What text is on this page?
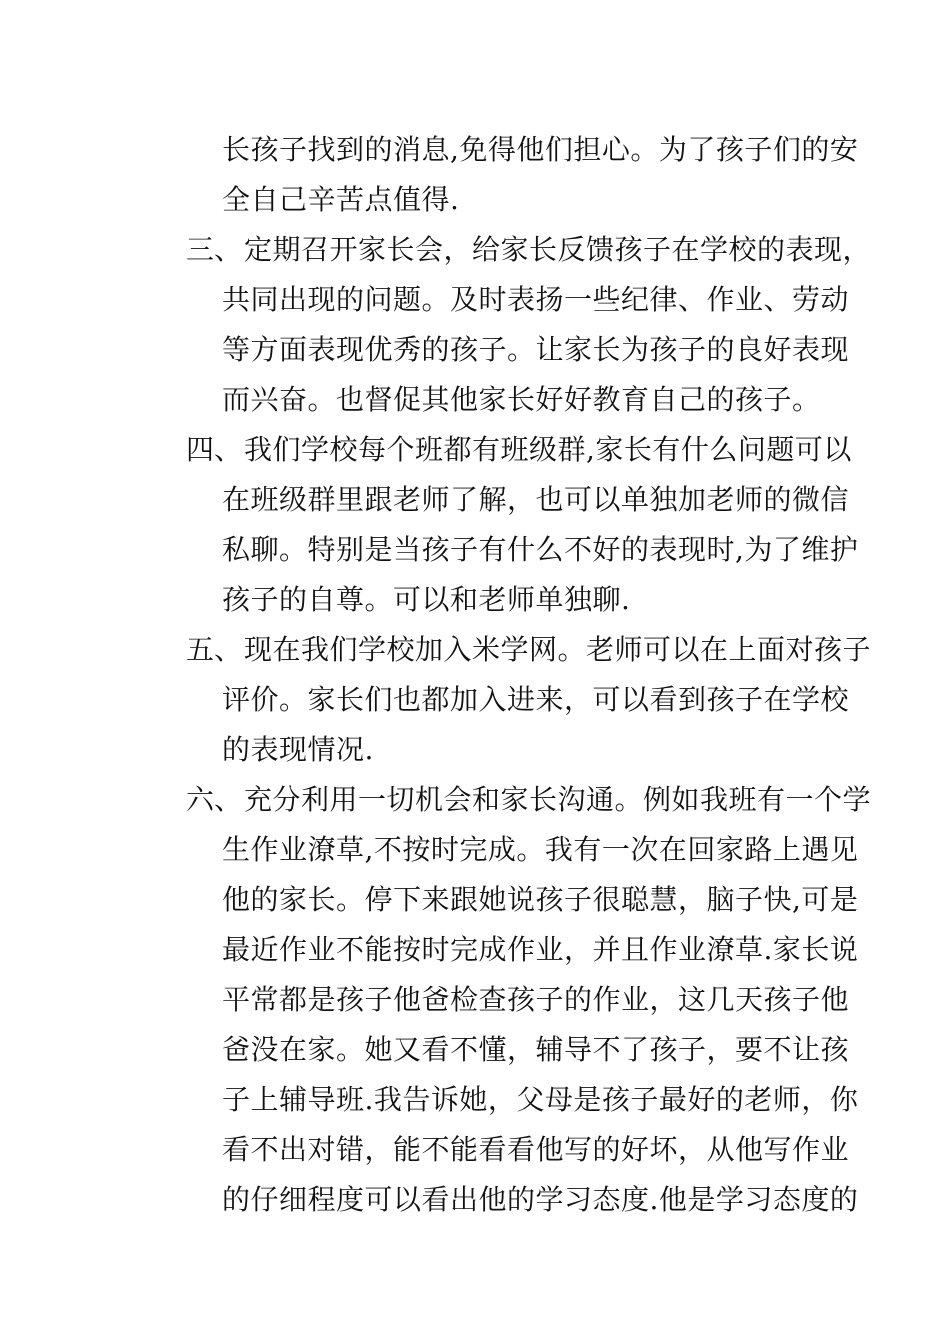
长孩子找到的消息,免得他们担心。为了孩子们的安
全自己辛苦点值得.
三、 定期召开家长会，给家长反馈孩子在学校的表现，
共同出现的问题。及时表扬一些纪律、作业、劳动
等方面表现优秀的孩子。让家长为孩子的良好表现
而兴奋。也督促其他家长好好教育自己的孩子。
四、 我们学校每个班都有班级群,家长有什么问题可以
在班级群里跟老师了解，也可以单独加老师的微信
私聊。特别是当孩子有什么不好的表现时,为了维护
孩子的自尊。可以和老师单独聊.
五、 现在我们学校加入米学网。老师可以在上面对孩子
评价。家长们也都加入进来，可以看到孩子在学校
的表现情况.
六、 充分利用一切机会和家长沟通。例如我班有一个学
生作业潦草,不按时完成。我有一次在回家路上遇见
他的家长。停下来跟她说孩子很聪慧，脑子快,可是
最近作业不能按时完成作业，并且作业潦草.家长说
平常都是孩子他爸检查孩子的作业，这几天孩子他
爸没在家。她又看不懂，辅导不了孩子，要不让孩
子上辅导班.我告诉她，父母是孩子最好的老师，你
看不出对错，能不能看看他写的好坏，从他写作业
的仔细程度可以看出他的学习态度.他是学习态度的
